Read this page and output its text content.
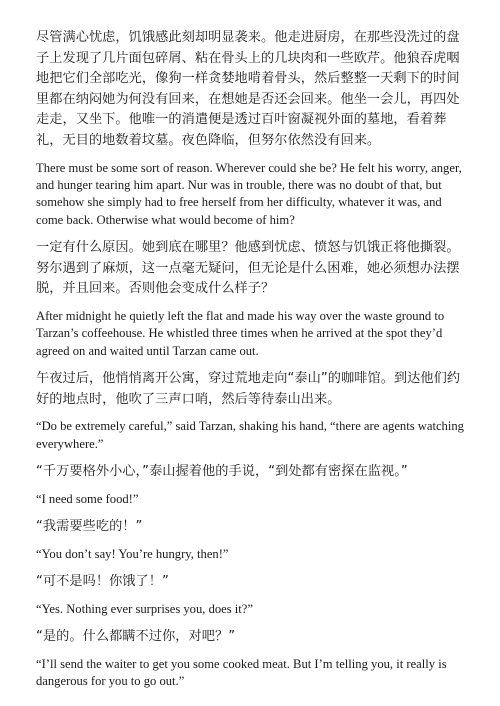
尽管满心忧虑，饥饿感此刻却明显袭来。他走进厨房，在那些没洗过的盘子上发现了几片面包碎屑、粘在骨头上的几块肉和一些欧芹。他狼吞虎咽地把它们全部吃光，像狗一样贪婪地啃着骨头，然后整整一天剩下的时间里都在纳闷她为何没有回来，在想她是否还会回来。他坐一会儿，再四处走走，又坐下。他唯一的消遣便是透过百叶窗凝视外面的墓地，看着葬礼，无目的地数着坟墓。夜色降临，但努尔依然没有回来。

There must be some sort of reason. Wherever could she be? He felt his worry, anger, and hunger tearing him apart. Nur was in trouble, there was no doubt of that, but somehow she simply had to free herself from her difficulty, whatever it was, and come back. Otherwise what would become of him?

一定有什么原因。她到底在哪里？他感到忧虑、愤怒与饥饿正将他撕裂。努尔遇到了麻烦，这一点毫无疑问，但无论是什么困难，她必须想办法摆脱，并且回来。否则他会变成什么样子？

After midnight he quietly left the flat and made his way over the waste ground to Tarzan’s coffeehouse. He whistled three times when he arrived at the spot they’d agreed on and waited until Tarzan came out.

午夜过后，他悄悄离开公寓，穿过荒地走向“泰山”的咖啡馆。到达他们约好的地点时，他吹了三声口哨，然后等待泰山出来。

“Do be extremely careful,” said Tarzan, shaking his hand, “there are agents watching everywhere.”

“千万要格外小心，”泰山握着他的手说，“到处都有密探在监视。”

“I need some food!”

“我需要些吃的！”

“You don’t say! You’re hungry, then!”

“可不是吗！你饿了！”

“Yes. Nothing ever surprises you, does it?”

“是的。什么都瞒不过你，对吧？”

“I’ll send the waiter to get you some cooked meat. But I’m telling you, it really is dangerous for you to go out.”
